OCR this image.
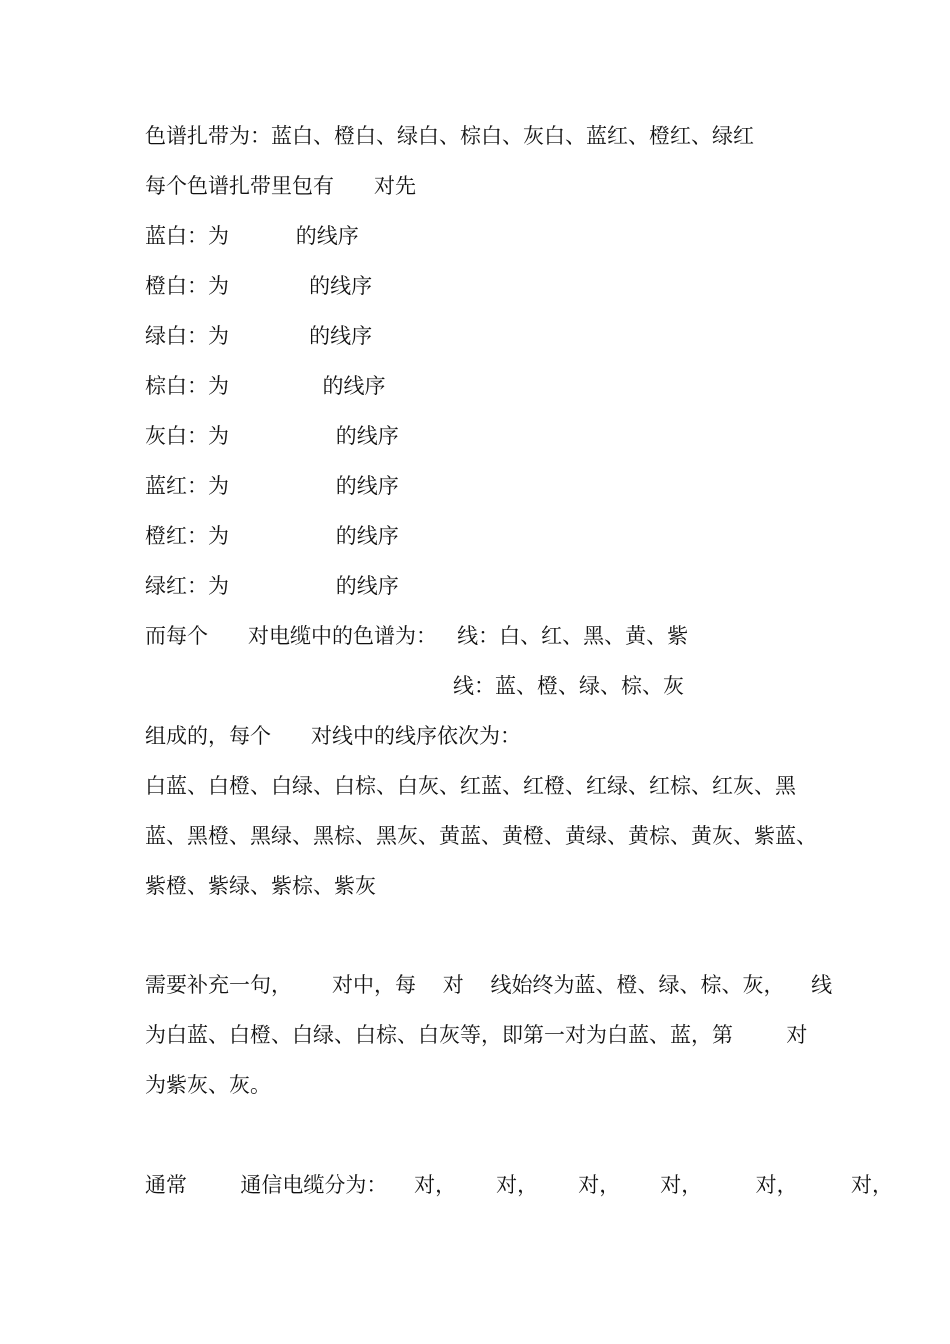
色谱扎带为：蓝白、橙白、绿白、棕白、灰白、蓝红、橙红、绿红

每个色谱扎带里包有      对先

蓝白：为          的线序

橙白：为            的线序

绿白：为            的线序

棕白：为              的线序

灰白：为                的线序

蓝红：为                的线序

橙红：为                的线序

绿红：为                的线序

而每个      对电缆中的色谱为：   线：白、红、黑、黄、紫

线：蓝、橙、绿、棕、灰

组成的，每个      对线中的线序依次为：

白蓝、白橙、白绿、白棕、白灰、红蓝、红橙、红绿、红棕、红灰、黑

蓝、黑橙、黑绿、黑棕、黑灰、黄蓝、黄橙、黄绿、黄棕、黄灰、紫蓝、

紫橙、紫绿、紫棕、紫灰

需要补充一句，      对中，每    对    线始终为蓝、橙、绿、棕、灰，    线

为白蓝、白橙、白绿、白棕、白灰等，即第一对为白蓝、蓝，第        对

为紫灰、灰。

通常        通信电缆分为：    对，      对，      对，      对，        对，        对，
